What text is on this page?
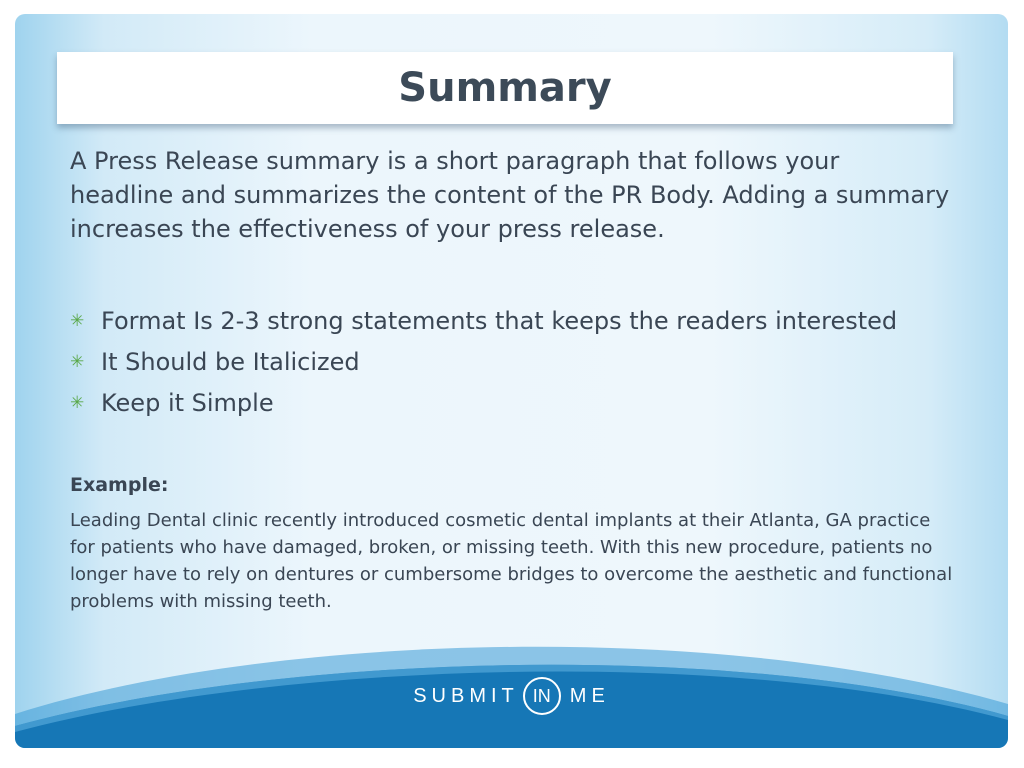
Summary

A Press Release summary is a short paragraph that follows your headline and summarizes the content of the PR Body. Adding a summary increases the effectiveness of your press release.

✳ Format Is 2-3 strong statements that keeps the readers interested
✳ It Should be Italicized
✳ Keep it Simple

Example:

Leading Dental clinic recently introduced cosmetic dental implants at their Atlanta, GA practice for patients who have damaged, broken, or missing teeth. With this new procedure, patients no longer have to rely on dentures or cumbersome bridges to overcome the aesthetic and functional problems with missing teeth.

SUBMIT IN ME
